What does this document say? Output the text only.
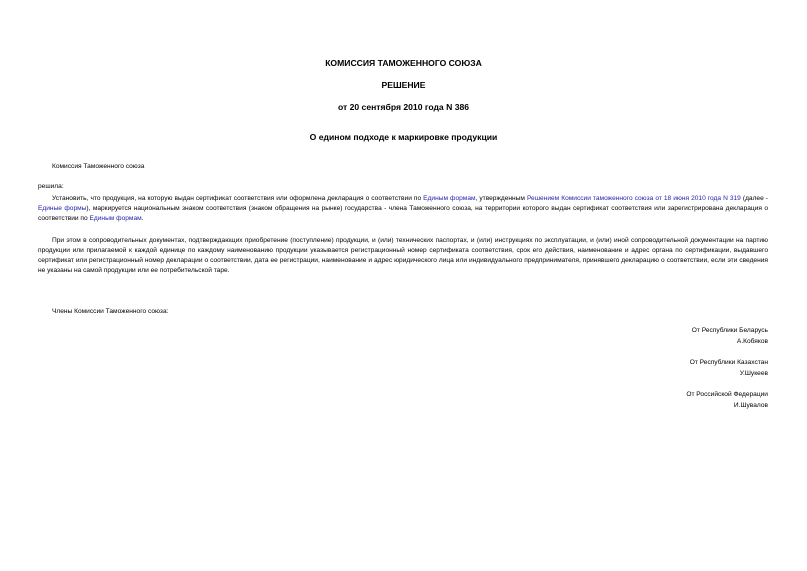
КОМИССИЯ ТАМОЖЕННОГО СОЮЗА
РЕШЕНИЕ
от 20 сентября 2010 года N 386
О едином подходе к маркировке продукции
Комиссия Таможенного союза
решила:
Установить, что продукция, на которую выдан сертификат соответствия или оформлена декларация о соответствии по Единым формам, утвержденным Решением Комиссии таможенного союза от 18 июня 2010 года N 319 (далее - Единые формы), маркируется национальным знаком соответствия (знаком обращения на рынке) государства - члена Таможенного союза, на территории которого выдан сертификат соответствия или зарегистрирована декларация о соответствии по Единым формам.
При этом в сопроводительных документах, подтверждающих приобретение (поступление) продукции, и (или) технических паспортах, и (или) инструкциях по эксплуатации, и (или) иной сопроводительной документации на партию продукции или прилагаемой к каждой единице по каждому наименованию продукции указывается регистрационный номер сертификата соответствия, срок его действия, наименование и адрес органа по сертификации, выдавшего сертификат или регистрационный номер декларации о соответствии, дата ее регистрации, наименование и адрес юридического лица или индивидуального предпринимателя, принявшего декларацию о соответствии, если эти сведения не указаны на самой продукции или ее потребительской таре.
Члены Комиссии Таможенного союза:
От Республики Беларусь
А.Кобяков
От Республики Казахстан
У.Шукеев
От Российской Федерации
И.Шувалов
